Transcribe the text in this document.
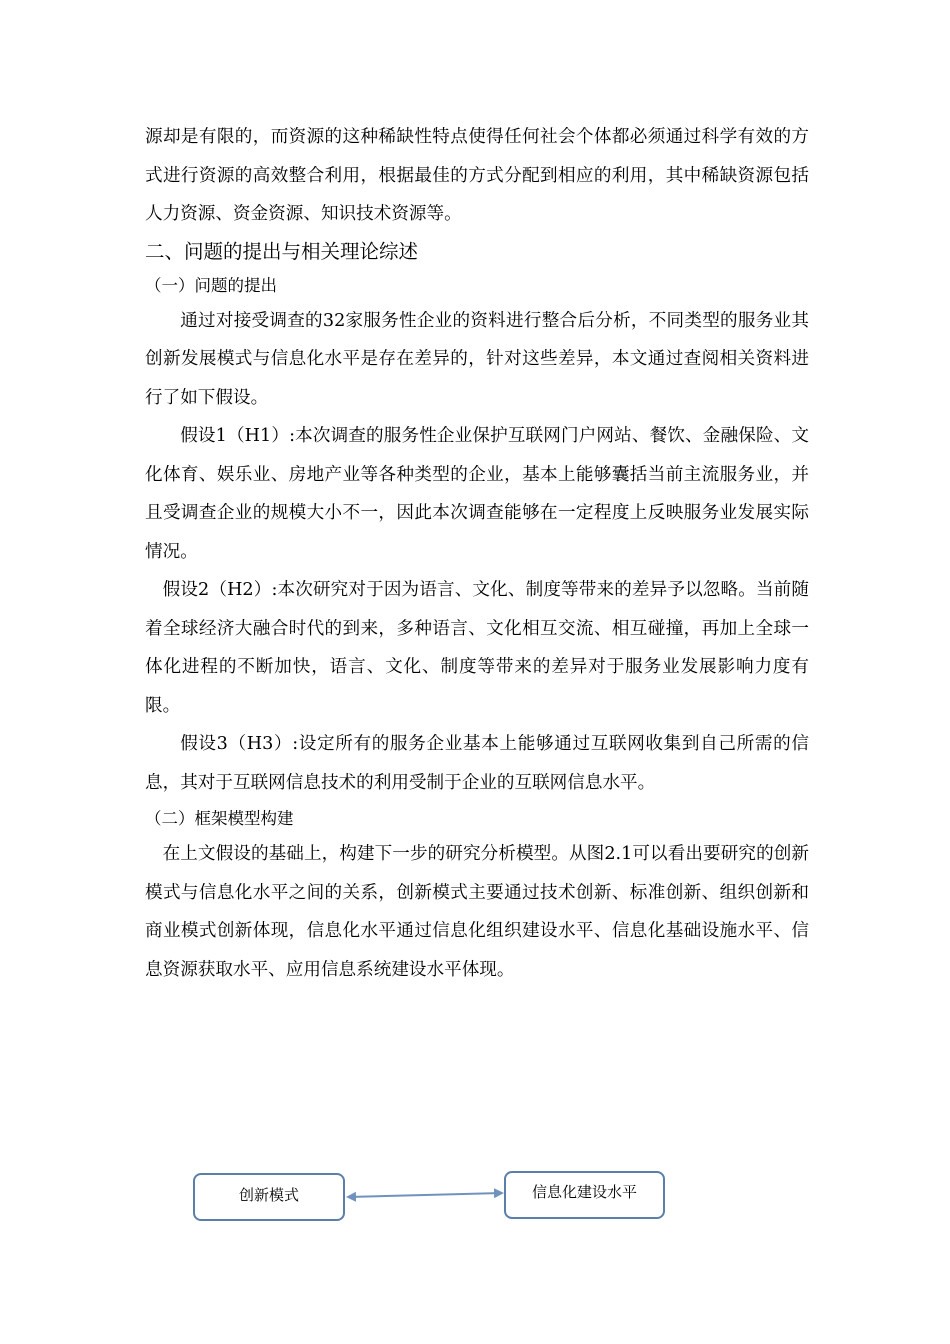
源却是有限的，而资源的这种稀缺性特点使得任何社会个体都必须通过科学有效的方式进行资源的高效整合利用，根据最佳的方式分配到相应的利用，其中稀缺资源包括人力资源、资金资源、知识技术资源等。

二、问题的提出与相关理论综述

（一）问题的提出

通过对接受调查的32家服务性企业的资料进行整合后分析，不同类型的服务业其创新发展模式与信息化水平是存在差异的，针对这些差异，本文通过查阅相关资料进行了如下假设。

假设1（H1）:本次调查的服务性企业保护互联网门户网站、餐饮、金融保险、文化体育、娱乐业、房地产业等各种类型的企业，基本上能够囊括当前主流服务业，并且受调查企业的规模大小不一，因此本次调查能够在一定程度上反映服务业发展实际情况。

假设2（H2）:本次研究对于因为语言、文化、制度等带来的差异予以忽略。当前随着全球经济大融合时代的到来，多种语言、文化相互交流、相互碰撞，再加上全球一体化进程的不断加快，语言、文化、制度等带来的差异对于服务业发展影响力度有限。

假设3（H3）:设定所有的服务企业基本上能够通过互联网收集到自己所需的信息，其对于互联网信息技术的利用受制于企业的互联网信息水平。

（二）框架模型构建

在上文假设的基础上，构建下一步的研究分析模型。从图2.1可以看出要研究的创新模式与信息化水平之间的关系，创新模式主要通过技术创新、标准创新、组织创新和商业模式创新体现，信息化水平通过信息化组织建设水平、信息化基础设施水平、信息资源获取水平、应用信息系统建设水平体现。

创新模式	信息化建设水平
